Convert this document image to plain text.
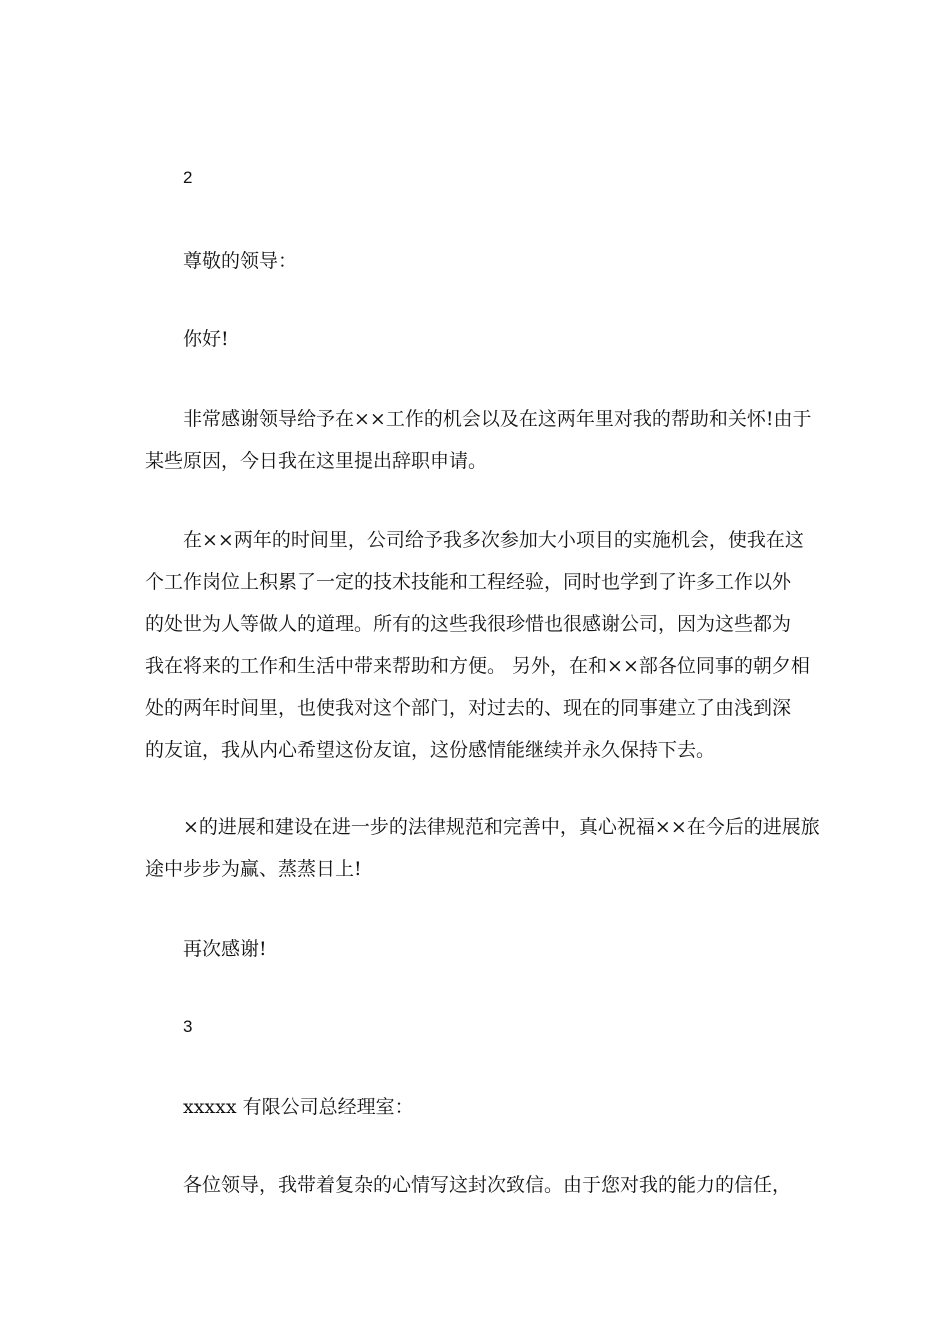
2
尊敬的领导：
你好!
非常感谢领导给予在××工作的机会以及在这两年里对我的帮助和关怀!由于
某些原因，今日我在这里提出辞职申请。
在××两年的时间里，公司给予我多次参加大小项目的实施机会，使我在这
个工作岗位上积累了一定的技术技能和工程经验，同时也学到了许多工作以外
的处世为人等做人的道理。所有的这些我很珍惜也很感谢公司，因为这些都为
我在将来的工作和生活中带来帮助和方便。 另外，在和××部各位同事的朝夕相
处的两年时间里，也使我对这个部门，对过去的、现在的同事建立了由浅到深
的友谊，我从内心希望这份友谊，这份感情能继续并永久保持下去。
×的进展和建设在进一步的法律规范和完善中，真心祝福××在今后的进展旅
途中步步为赢、蒸蒸日上!
再次感谢!
3
xxxxx 有限公司总经理室：
各位领导，我带着复杂的心情写这封次致信。由于您对我的能力的信任，
